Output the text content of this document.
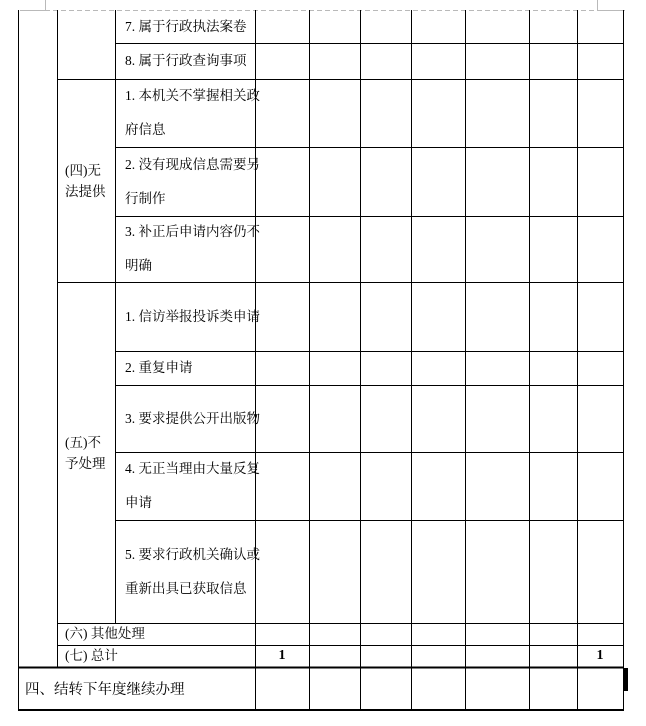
7. 属于行政执法案卷
8. 属于行政查询事项
(四)无法提供
1. 本机关不掌握相关政府信息
2. 没有现成信息需要另行制作
3. 补正后申请内容仍不明确
(五)不予处理
1. 信访举报投诉类申请
2. 重复申请
3. 要求提供公开出版物
4. 无正当理由大量反复申请
5. 要求行政机关确认或重新出具已获取信息
(六) 其他处理
(七) 总计	1	1
四、结转下年度继续办理
